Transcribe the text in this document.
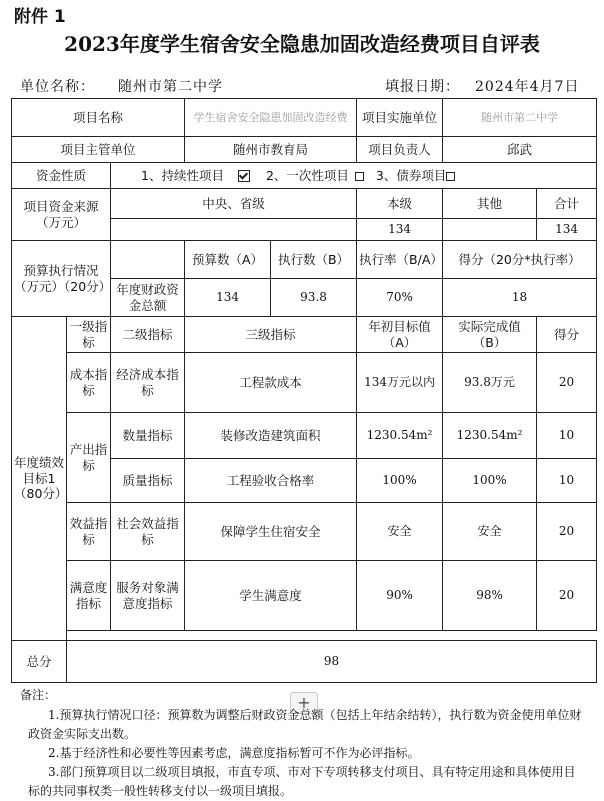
附件 1
2023年度学生宿舍安全隐患加固改造经费项目自评表
单位名称： 随州市第二中学	填报日期： 2024年4月7日
项目名称			学生宿舍安全隐患加固改造经费		项目实施单位	随州市第二中学	
项目主管单位			随州市教育局		项目负责人	邱武	
资金性质		1、持续性项目 2、一次性项目 3、债券项目					
项目资金来源（万元）		中央、省级			本级	其他	合计
					134		134
预算执行情况（万元）（20分）			预算数（A）	执行数（B）	执行率（B/A）	得分（20分*执行率）	
		年度财政资金总额	134	93.8	70%	18	
年度绩效目标1（80分）	一级指标	二级指标	三级指标		年初目标值（A）	实际完成值（B）	得分
	成本指标	经济成本指标	工程款成本		134万元以内	93.8万元	20
	产出指标	数量指标	装修改造建筑面积		1230.54m²	1230.54m²	10
		质量指标	工程验收合格率		100%	100%	10
	效益指标	社会效益指标	保障学生住宿安全		安全	安全	20
	满意度指标	服务对象满意度指标	学生满意度		90%	98%	20

总分	98						
备注：	+
1.预算执行情况口径：预算数为调整后财政资金总额（包括上年结余结转），执行数为资金使用单位财政资金实际支出数。
2.基于经济性和必要性等因素考虑，满意度指标暂可不作为必评指标。
3.部门预算项目以二级项目填报，市直专项、市对下专项转移支付项目、具有特定用途和具体使用目标的共同事权类一般性转移支付以一级项目填报。
